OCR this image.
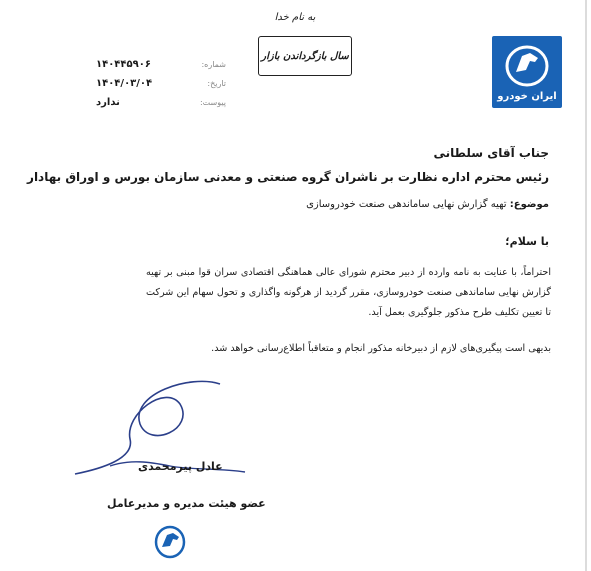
به نام خدا
سال بازگرداندن بازار
شماره:
۱۴۰۴۴۵۹۰۶
تاریخ:
۱۴۰۴/۰۳/۰۴
پیوست:
ندارد	ایران خودرو
جناب آقای سلطانی
رئیس محترم اداره نظارت بر ناشران گروه صنعتی و معدنی سازمان بورس و اوراق بهادار
موضوع: تهیه گزارش نهایی ساماندهی صنعت خودروسازی
با سلام؛
احتراماً، با عنایت به نامه وارده از دبیر محترم شورای عالی هماهنگی اقتصادی سران قوا مبنی بر تهیه گزارش نهایی ساماندهی صنعت خودروسازی، مقرر گردید از هرگونه واگذاری و تحول سهام این شرکت تا تعیین تکلیف طرح مذکور جلوگیری بعمل آید.
بدیهی است پیگیری‌های لازم از دبیرخانه مذکور انجام و متعاقباً اطلاع‌رسانی خواهد شد.
عادل پیرمحمدی
عضو هیئت مدیره و مدیرعامل
